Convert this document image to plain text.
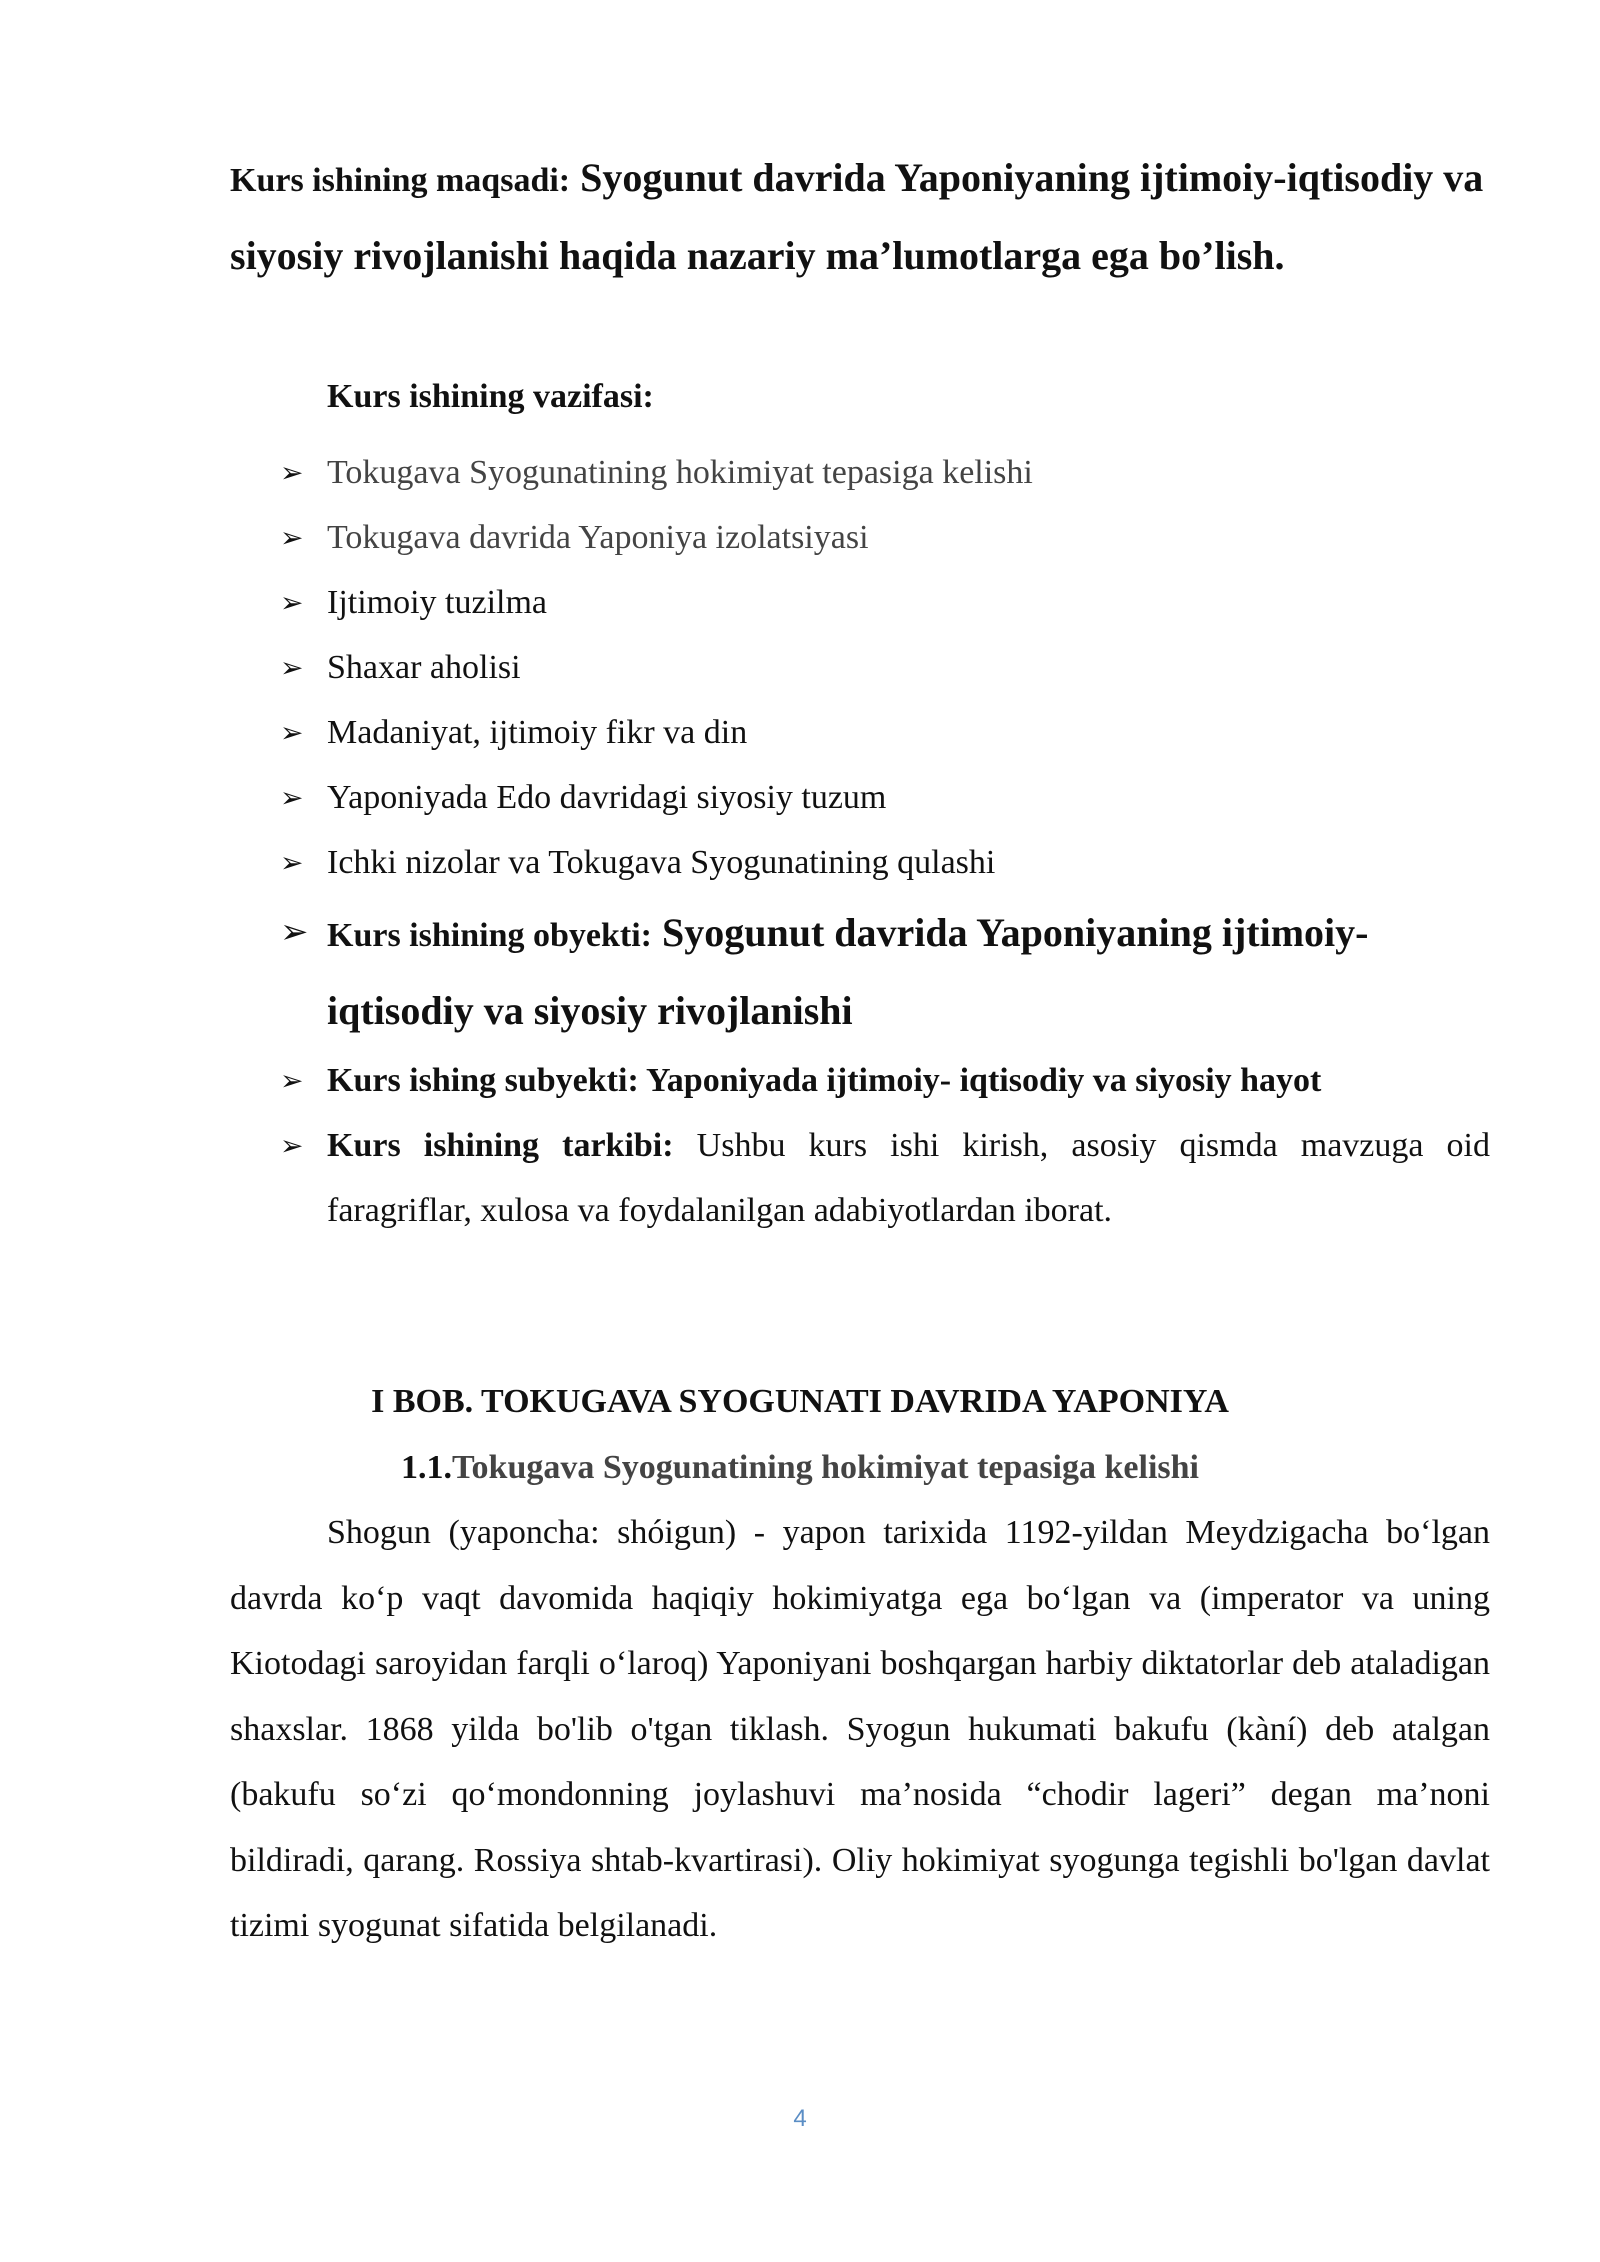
Kurs ishining maqsadi: Syogunut davrida Yaponiyaning ijtimoiy-iqtisodiy va siyosiy rivojlanishi haqida nazariy ma’lumotlarga ega bo’lish.
Kurs ishining vazifasi:
➢ Tokugava Syogunatining hokimiyat tepasiga kelishi
➢ Tokugava davrida Yaponiya izolatsiyasi
➢ Ijtimoiy tuzilma
➢ Shaxar aholisi
➢ Madaniyat, ijtimoiy fikr va din
➢ Yaponiyada Edo davridagi siyosiy tuzum
➢ Ichki nizolar va Tokugava Syogunatining qulashi
➢ Kurs ishining obyekti: Syogunut davrida Yaponiyaning ijtimoiy-iqtisodiy va siyosiy rivojlanishi
➢ Kurs ishing subyekti: Yaponiyada ijtimoiy- iqtisodiy va siyosiy hayot
➢ Kurs ishining tarkibi: Ushbu kurs ishi kirish, asosiy qismda mavzuga oid faragriflar, xulosa va foydalanilgan adabiyotlardan iborat.
I BOB. TOKUGAVA SYOGUNATI DAVRIDA YAPONIYA
1.1.Tokugava Syogunatining hokimiyat tepasiga kelishi

Shogun (yaponcha: shóigun) - yapon tarixida 1192-yildan Meydzigacha bo‘lgan davrda ko‘p vaqt davomida haqiqiy hokimiyatga ega bo‘lgan va (imperator va uning Kiotodagi saroyidan farqli o‘laroq) Yaponiyani boshqargan harbiy diktatorlar deb ataladigan shaxslar. 1868 yilda bo'lib o'tgan tiklash. Syogun hukumati bakufu (kàní) deb atalgan (bakufu so‘zi qo‘mondonning joylashuvi ma’nosida “chodir lageri” degan ma’noni bildiradi, qarang. Rossiya shtab-kvartirasi). Oliy hokimiyat syogunga tegishli bo'lgan davlat tizimi syogunat sifatida belgilanadi.

4
